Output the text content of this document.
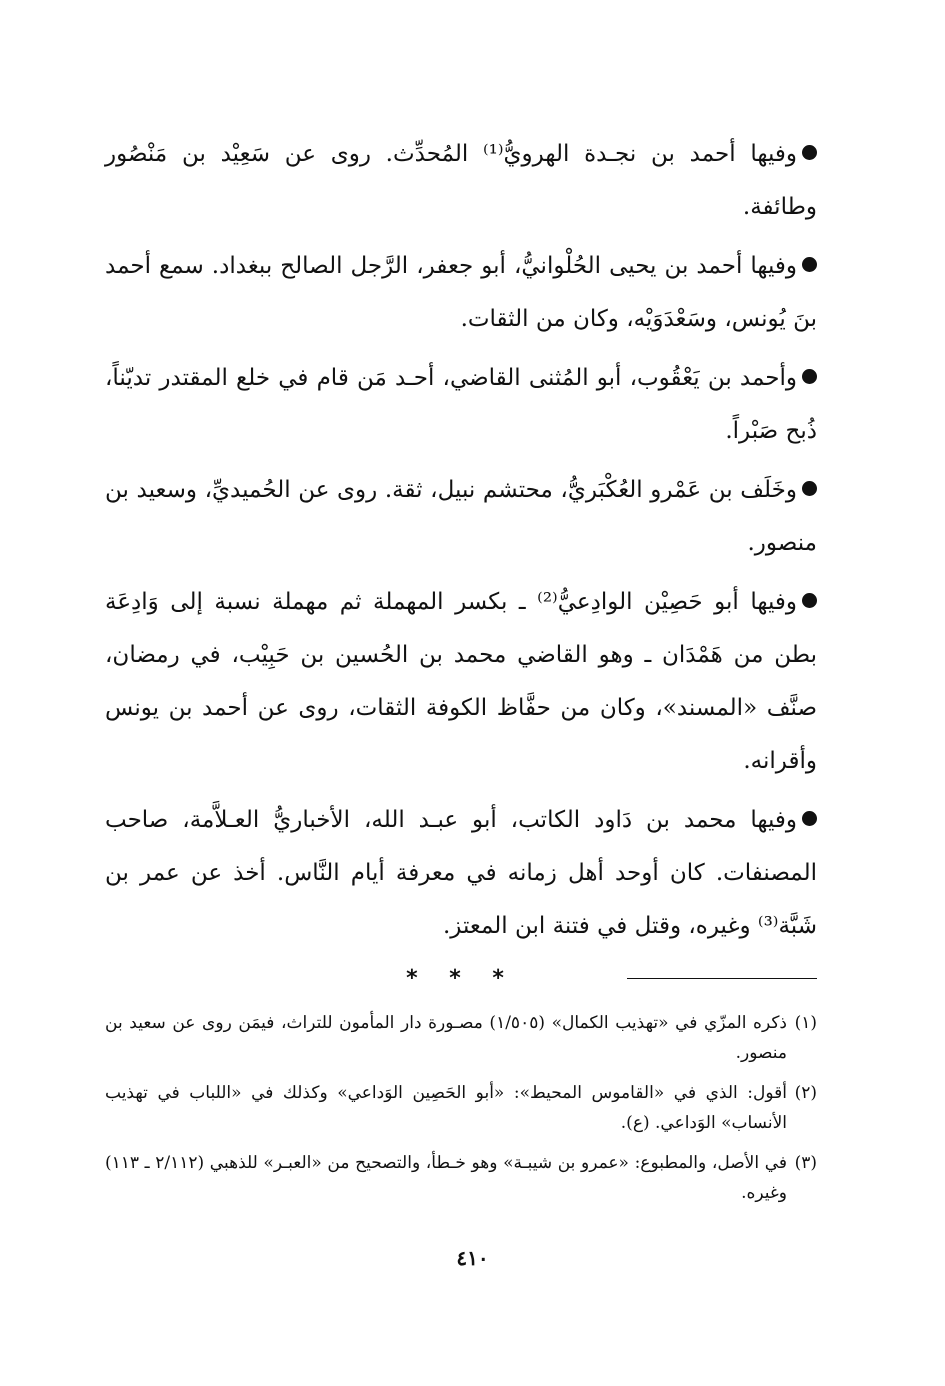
وفيها أحمد بن نجـدة الهرويُّ⁽¹⁾ المُحدِّث. روى عن سَعِيْد بن مَنْصُور وطائفة.

وفيها أحمد بن يحيى الحُلْوانيُّ، أبو جعفر، الرَّجل الصالح ببغداد. سمع أحمد بنَ يُونس، وسَعْدَوَيْه، وكان من الثقات.

وأحمد بن يَعْقُوب، أبو المُثنى القاضي، أحـد مَن قام في خلع المقتدر تديّناً، ذُبح صَبْراً.

وخَلَف بن عَمْرو العُكْبَريُّ، محتشم نبيل، ثقة. روى عن الحُميديِّ، وسعيد بن منصور.

وفيها أبو حَصِيْن الوادِعيُّ⁽²⁾ ـ بكسر المهملة ثم مهملة نسبة إلى وَادِعَة بطن من هَمْدَان ـ وهو القاضي محمد بن الحُسين بن حَبِيْب، في رمضان، صنَّف «المسند»، وكان من حفَّاظ الكوفة الثقات، روى عن أحمد بن يونس وأقرانه.

وفيها محمد بن دَاود الكاتب، أبو عبـد الله، الأخباريُّ العـلاَّمة، صاحب المصنفات. كان أوحد أهل زمانه في معرفة أيام النَّاس. أخذ عن عمر بن شَبَّة⁽³⁾ وغيره، وقتل في فتنة ابن المعتز.

* * *

(١)
ذكره المزّي في «تهذيب الكمال» (١/٥٠٥) مصـورة دار المأمون للتراث، فيمَن روى عن سعيد بن منصور.

(٢)
أقول: الذي في «القاموس المحيط»: «أبو الحَصِين الوَداعي» وكذلك في «اللباب في تهذيب الأنساب» الوَداعي. (ع).

(٣)
في الأصل، والمطبوع: «عمرو بن شيبـة» وهو خـطأ، والتصحيح من «العبـر» للذهبي (٢/١١٢ ـ ١١٣) وغيره.

٤١٠
